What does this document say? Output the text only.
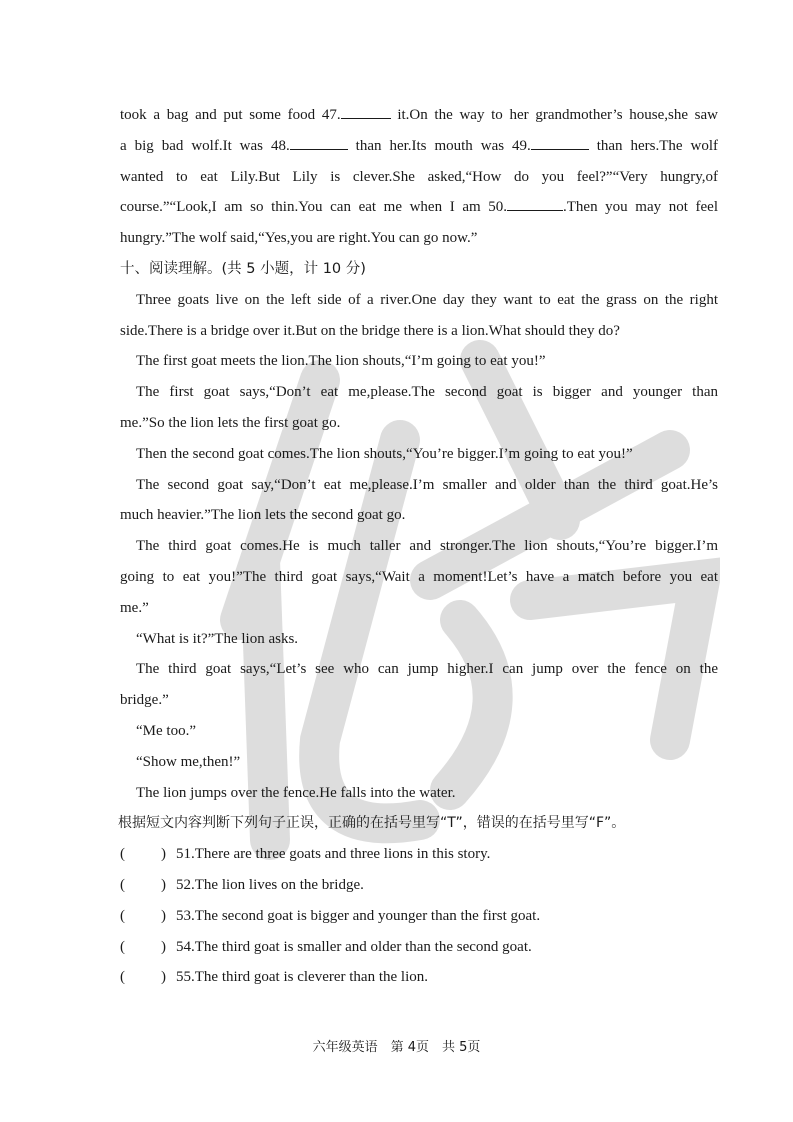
took a bag and put some food 47.	it.On the way to her grandmother’s house,she saw
a big bad wolf.It was 48.	than her.Its mouth was 49.	than hers.The wolf
wanted to eat Lily.But Lily is clever.She asked,“How do you feel?”“Very hungry,of
course.”“Look,I am so thin.You can eat me when I am 50.	.Then you may not feel
hungry.”The wolf said,“Yes,you are right.You can go now.”
十、阅读理解。(共 5 小题，计 10 分)
Three goats live on the left side of a river.One day they want to eat the grass on the right
side.There is a bridge over it.But on the bridge there is a lion.What should they do?
The first goat meets the lion.The lion shouts,“I’m going to eat you!”
The first goat says,“Don’t eat me,please.The second goat is bigger and younger than
me.”So the lion lets the first goat go.
Then the second goat comes.The lion shouts,“You’re bigger.I’m going to eat you!”
The second goat say,“Don’t eat me,please.I’m smaller and older than the third goat.He’s
much heavier.”The lion lets the second goat go.
The third goat comes.He is much taller and stronger.The lion shouts,“You’re bigger.I’m
going to eat you!”The third goat says,“Wait a moment!Let’s have a match before you eat
me.”
“What is it?”The lion asks.
The third goat says,“Let’s see who can jump higher.I can jump over the fence on the
bridge.”
“Me too.”
“Show me,then!”
The lion jumps over the fence.He falls into the water.
根据短文内容判断下列句子正误，正确的在括号里写“T”，错误的在括号里写“F”。
( ) 51.There are three goats and three lions in this story.
( ) 52.The lion lives on the bridge.
( ) 53.The second goat is bigger and younger than the first goat.
( ) 54.The third goat is smaller and older than the second goat.
( ) 55.The third goat is cleverer than the lion.
六年级英语　第 4页　共 5页
